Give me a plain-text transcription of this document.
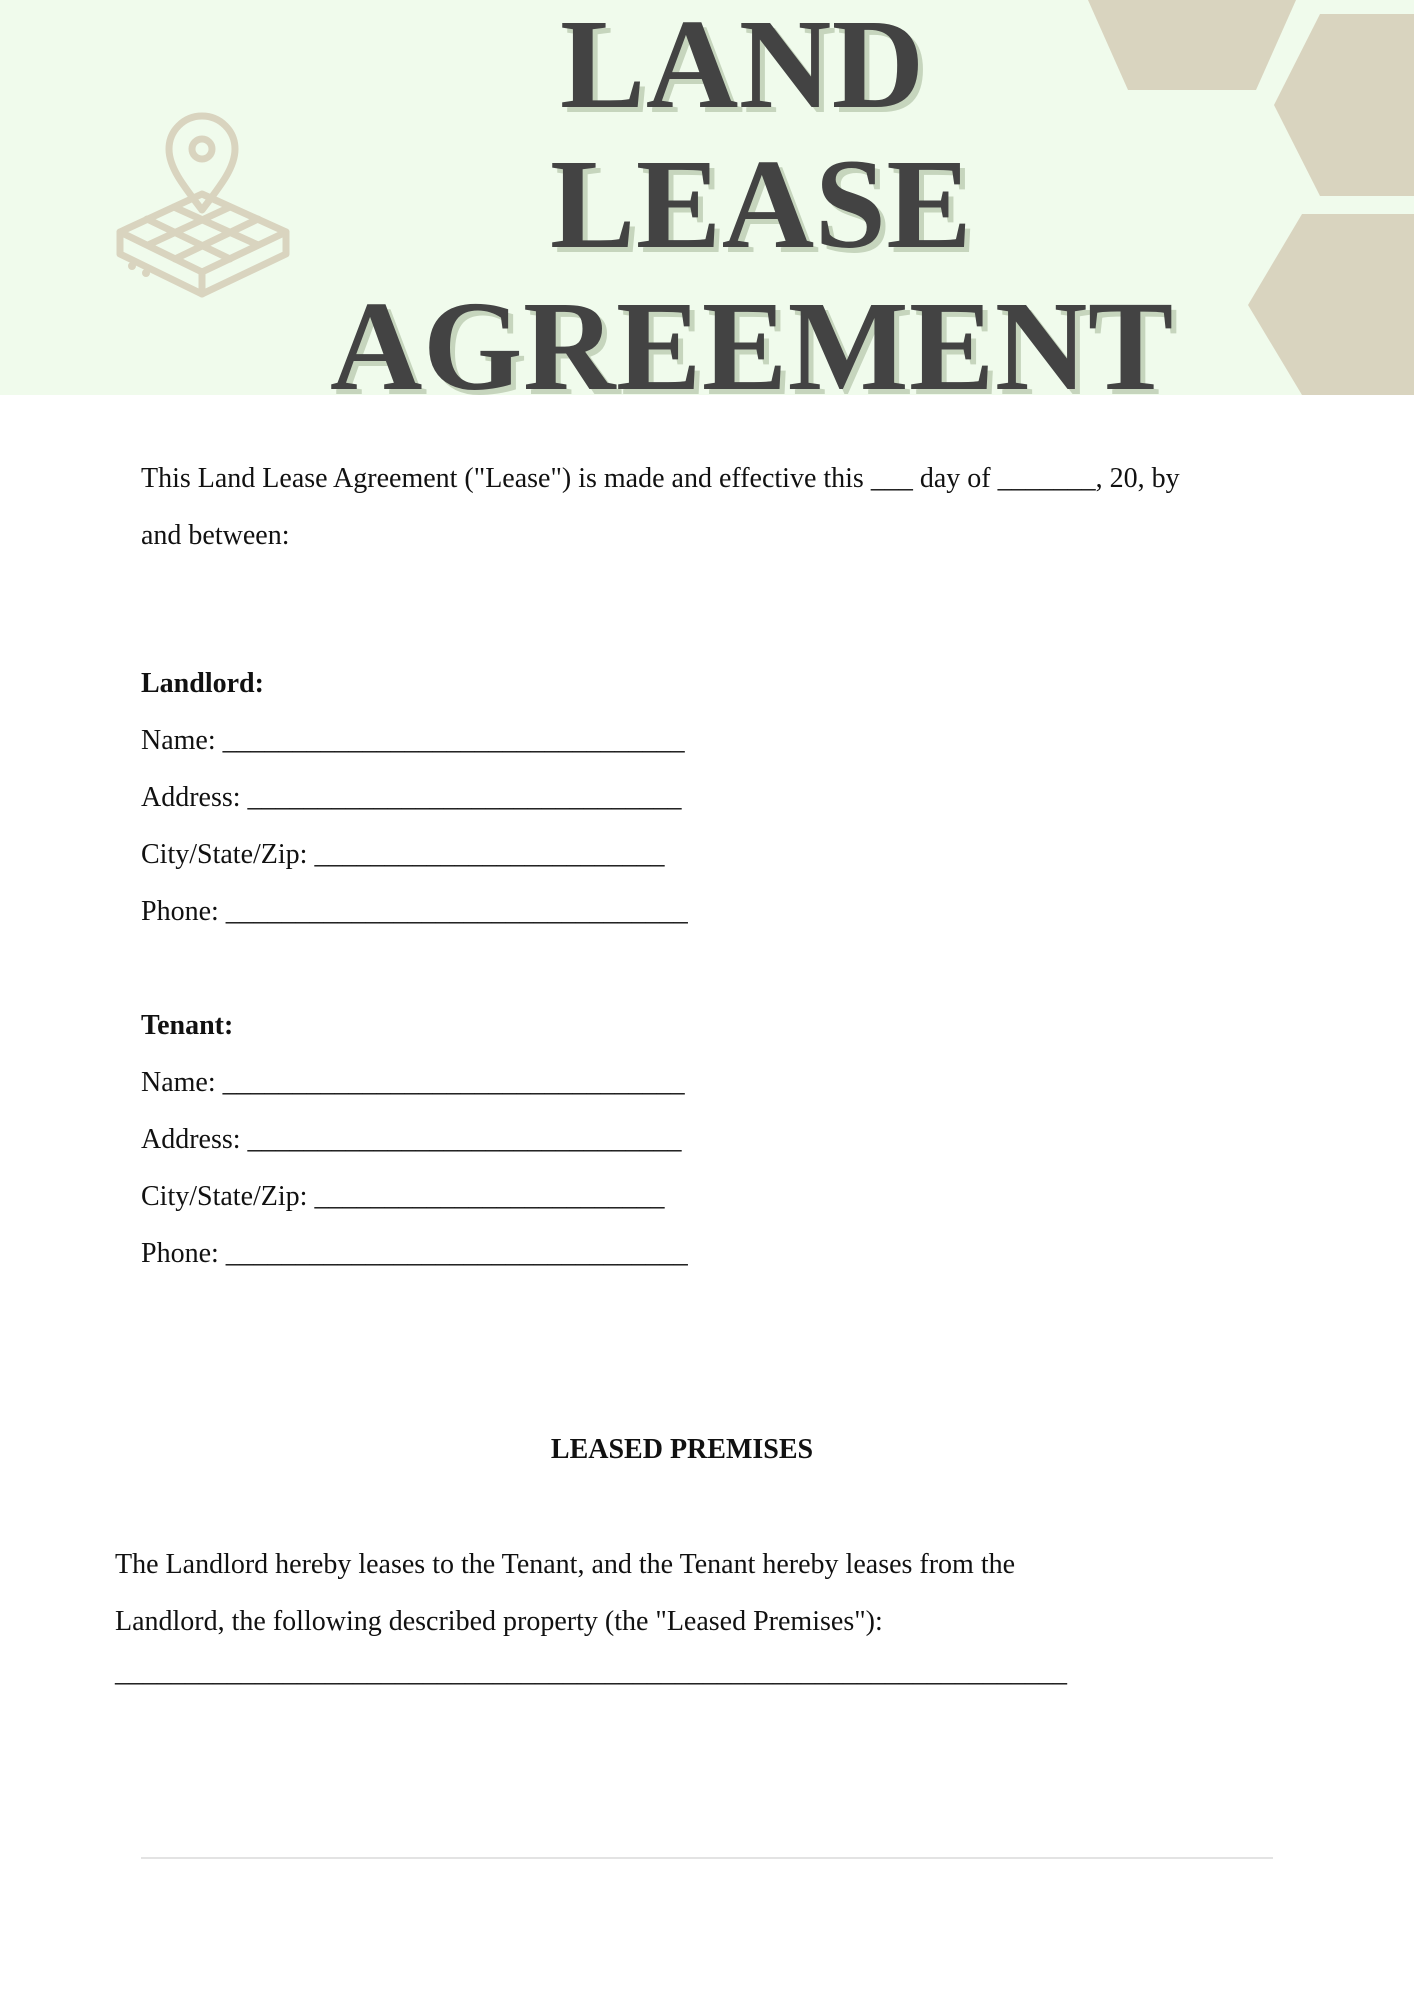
LAND
LEASE
AGREEMENT
This Land Lease Agreement ("Lease") is made and effective this ___ day of _______, 20, by
and between:
Landlord:
Name: _________________________________
Address: _______________________________
City/State/Zip: _________________________
Phone: _________________________________
Tenant:
Name: _________________________________
Address: _______________________________
City/State/Zip: _________________________
Phone: _________________________________
LEASED PREMISES
The Landlord hereby leases to the Tenant, and the Tenant hereby leases from the
Landlord, the following described property (the "Leased Premises"):
____________________________________________________________________
